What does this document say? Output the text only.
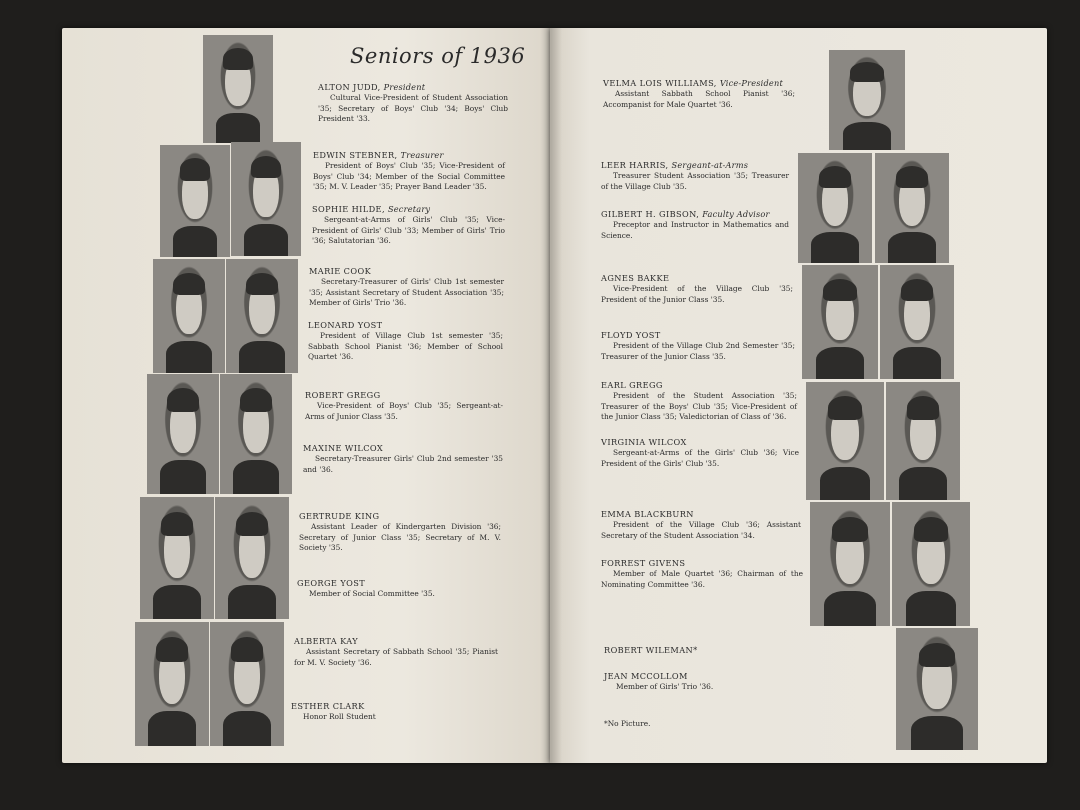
Seniors of 1936
ALTON JUDD, President
Cultural Vice-President of Student Association '35; Secretary of Boys' Club '34; Boys' Club President '33.
EDWIN STEBNER, Treasurer
President of Boys' Club '35; Vice-President of Boys' Club '34; Member of the Social Committee '35; M. V. Leader '35; Prayer Band Leader '35.
SOPHIE HILDE, Secretary
Sergeant-at-Arms of Girls' Club '35; Vice-President of Girls' Club '33; Member of Girls' Trio '36; Salutatorian '36.
MARIE COOK
Secretary-Treasurer of Girls' Club 1st semester '35; Assistant Secretary of Student Association '35; Member of Girls' Trio '36.
LEONARD YOST
President of Village Club 1st semester '35; Sabbath School Pianist '36; Member of School Quartet '36.
ROBERT GREGG
Vice-President of Boys' Club '35; Sergeant-at-Arms of Junior Class '35.
MAXINE WILCOX
Secretary-Treasurer Girls' Club 2nd semester '35 and '36.
GERTRUDE KING
Assistant Leader of Kindergarten Division '36; Secretary of Junior Class '35; Secretary of M. V. Society '35.
GEORGE YOST
Member of Social Committee '35.
ALBERTA KAY
Assistant Secretary of Sabbath School '35; Pianist for M. V. Society '36.
ESTHER CLARK
Honor Roll Student
VELMA LOIS WILLIAMS, Vice-President
Assistant Sabbath School Pianist '36; Accompanist for Male Quartet '36.
LEER HARRIS, Sergeant-at-Arms
Treasurer Student Association '35; Treasurer of the Village Club '35.
GILBERT H. GIBSON, Faculty Advisor
Preceptor and Instructor in Mathematics and Science.
AGNES BAKKE
Vice-President of the Village Club '35; President of the Junior Class '35.
FLOYD YOST
President of the Village Club 2nd Semester '35; Treasurer of the Junior Class '35.
EARL GREGG
President of the Student Association '35; Treasurer of the Boys' Club '35; Vice-President of the Junior Class '35; Valedictorian of Class of '36.
VIRGINIA WILCOX
Sergeant-at-Arms of the Girls' Club '36; Vice President of the Girls' Club '35.
EMMA BLACKBURN
President of the Village Club '36; Assistant Secretary of the Student Association '34.
FORREST GIVENS
Member of Male Quartet '36; Chairman of the Nominating Committee '36.
ROBERT WILEMAN*
JEAN MCCOLLOM
Member of Girls' Trio '36.
*No Picture.
